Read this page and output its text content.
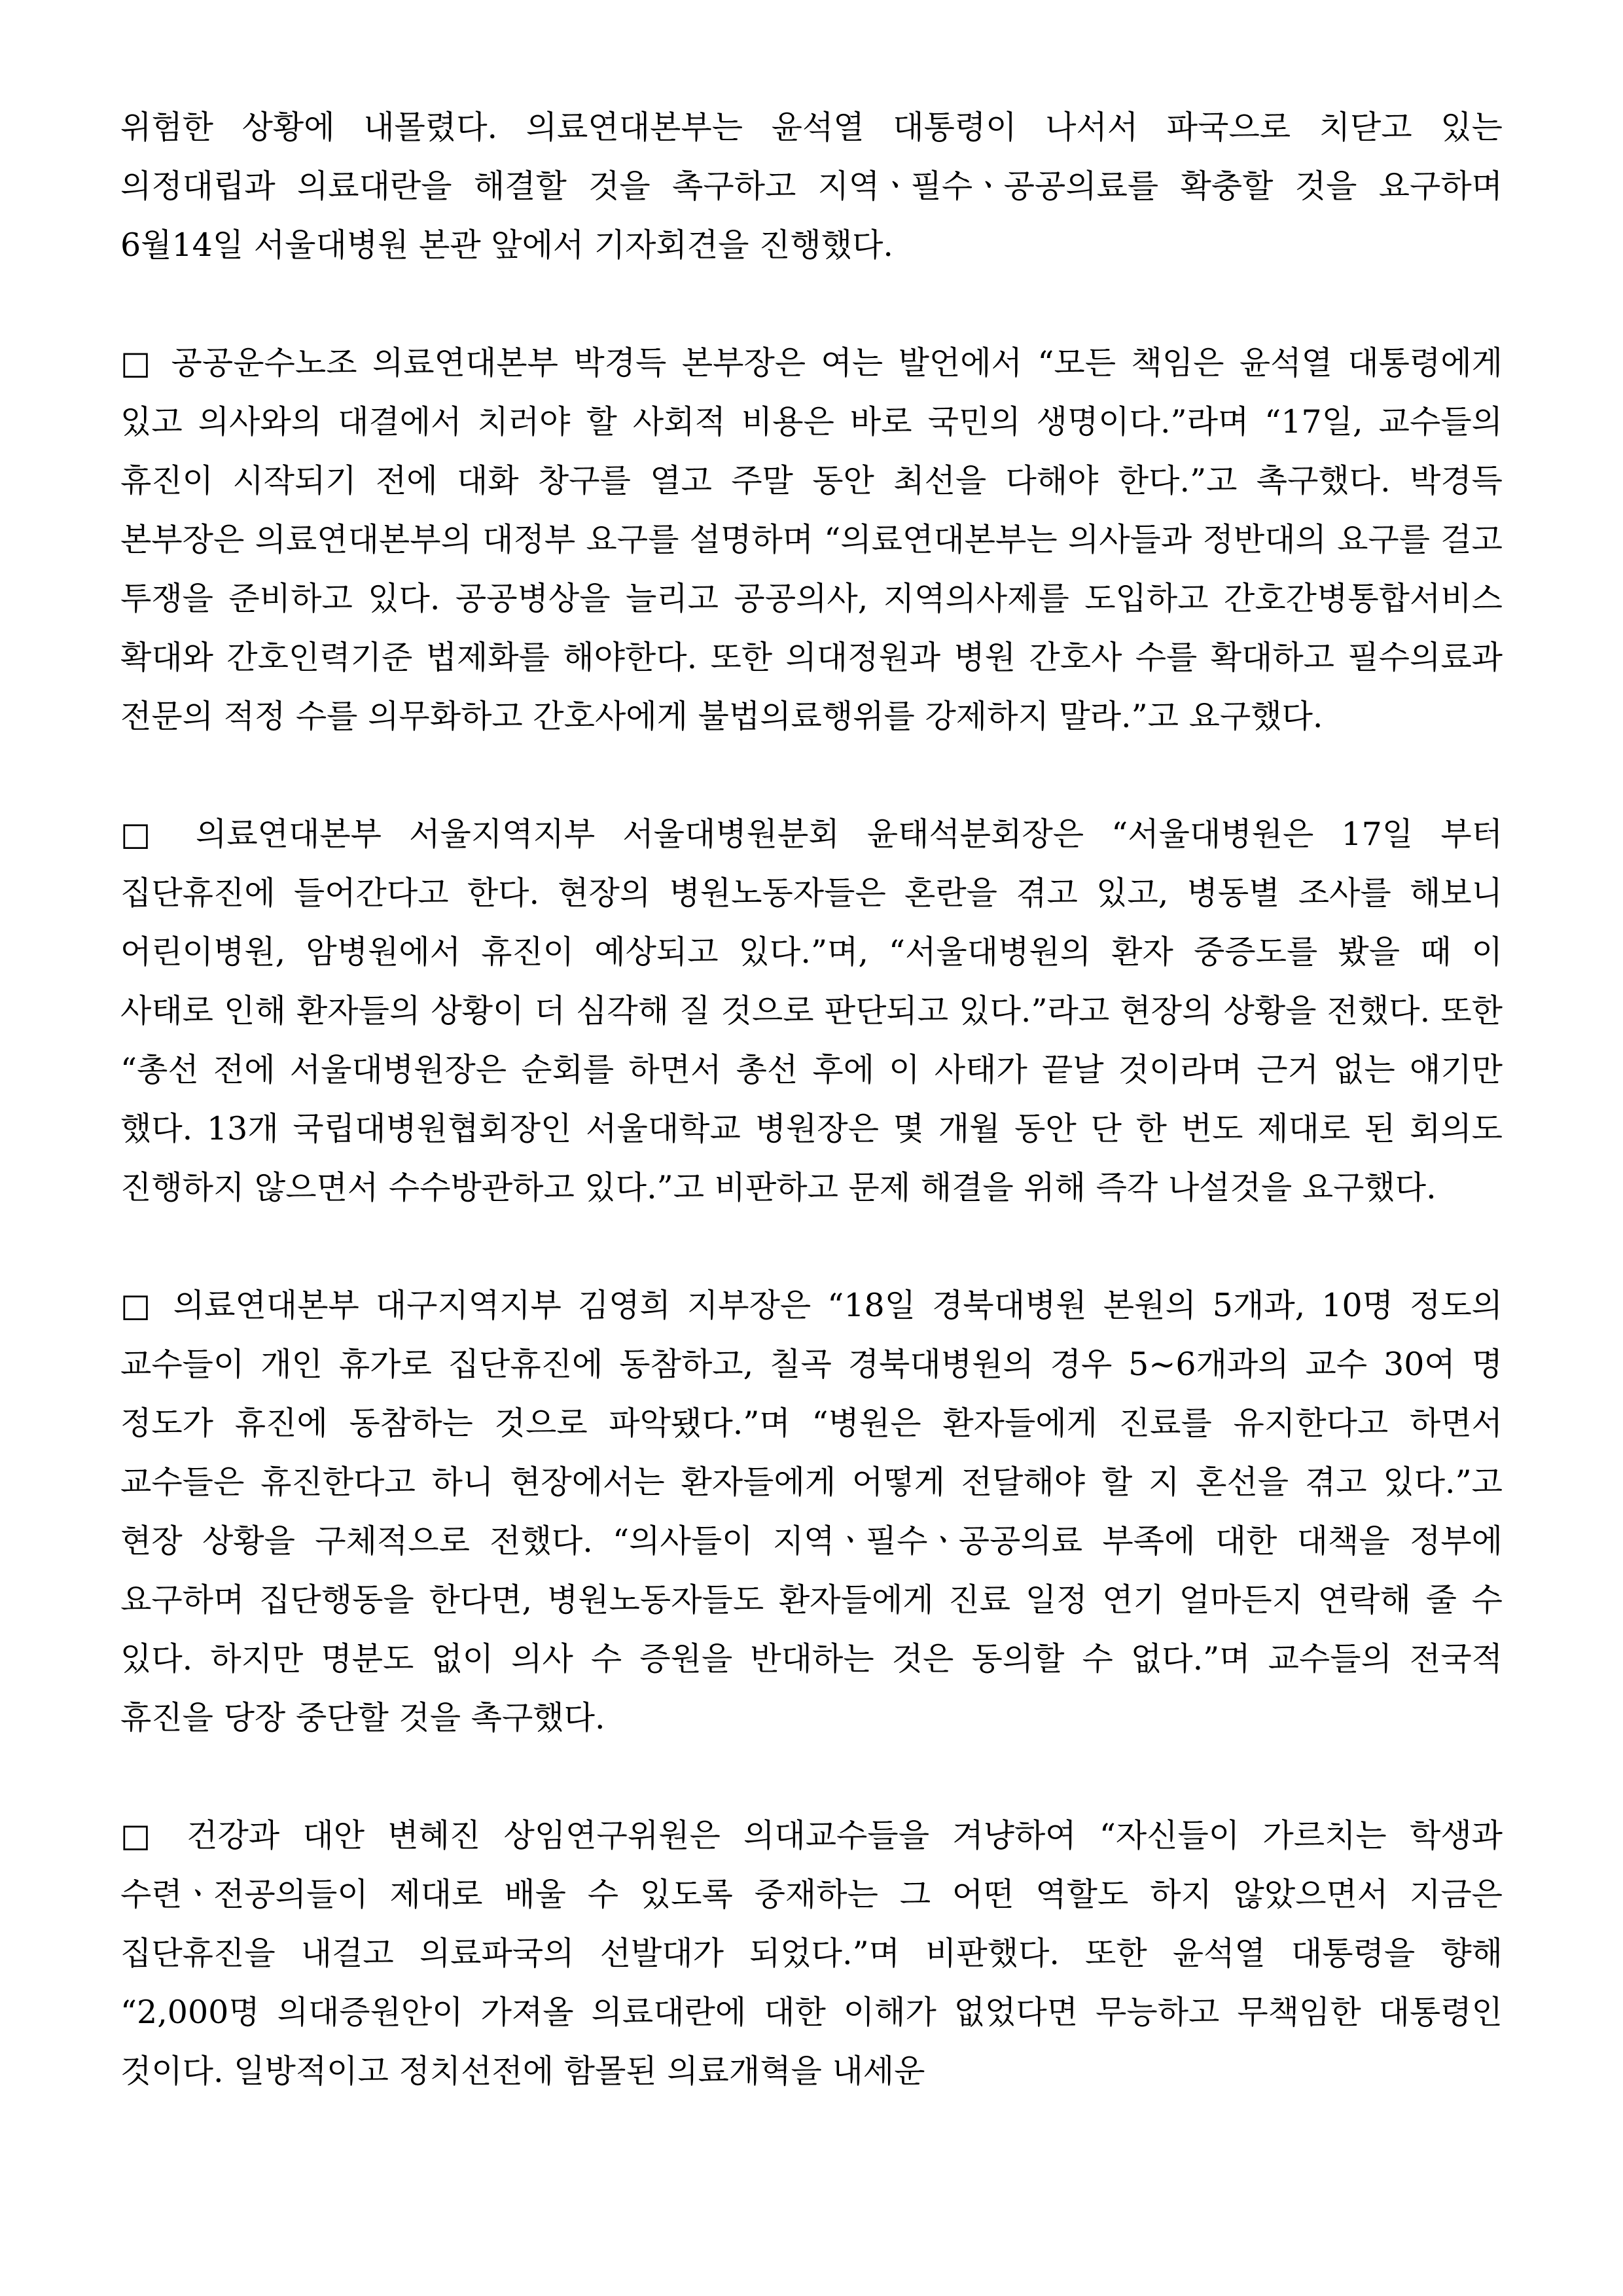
위험한 상황에 내몰렸다. 의료연대본부는 윤석열 대통령이 나서서 파국으로 치닫고 있는 의정대립과 의료대란을 해결할 것을 촉구하고 지역ㆍ필수ㆍ공공의료를 확충할 것을 요구하며 6월14일 서울대병원 본관 앞에서 기자회견을 진행했다.

□ 공공운수노조 의료연대본부 박경득 본부장은 여는 발언에서 “모든 책임은 윤석열 대통령에게 있고 의사와의 대결에서 치러야 할 사회적 비용은 바로 국민의 생명이다.”라며 “17일, 교수들의 휴진이 시작되기 전에 대화 창구를 열고 주말 동안 최선을 다해야 한다.”고 촉구했다. 박경득 본부장은 의료연대본부의 대정부 요구를 설명하며 “의료연대본부는 의사들과 정반대의 요구를 걸고 투쟁을 준비하고 있다. 공공병상을 늘리고 공공의사, 지역의사제를 도입하고 간호간병통합서비스 확대와 간호인력기준 법제화를 해야한다. 또한 의대정원과 병원 간호사 수를 확대하고 필수의료과 전문의 적정 수를 의무화하고 간호사에게 불법의료행위를 강제하지 말라.”고 요구했다.

□ 의료연대본부 서울지역지부 서울대병원분회 윤태석분회장은 “서울대병원은 17일 부터 집단휴진에 들어간다고 한다. 현장의 병원노동자들은 혼란을 겪고 있고, 병동별 조사를 해보니 어린이병원, 암병원에서 휴진이 예상되고 있다.”며, “서울대병원의 환자 중증도를 봤을 때 이 사태로 인해 환자들의 상황이 더 심각해 질 것으로 판단되고 있다.”라고 현장의 상황을 전했다. 또한 “총선 전에 서울대병원장은 순회를 하면서 총선 후에 이 사태가 끝날 것이라며 근거 없는 얘기만 했다. 13개 국립대병원협회장인 서울대학교 병원장은 몇 개월 동안 단 한 번도 제대로 된 회의도 진행하지 않으면서 수수방관하고 있다.”고 비판하고 문제 해결을 위해 즉각 나설것을 요구했다.

□ 의료연대본부 대구지역지부 김영희 지부장은 “18일 경북대병원 본원의 5개과, 10명 정도의 교수들이 개인 휴가로 집단휴진에 동참하고, 칠곡 경북대병원의 경우 5~6개과의 교수 30여 명 정도가 휴진에 동참하는 것으로 파악됐다.”며 “병원은 환자들에게 진료를 유지한다고 하면서 교수들은 휴진한다고 하니 현장에서는 환자들에게 어떻게 전달해야 할 지 혼선을 겪고 있다.”고 현장 상황을 구체적으로 전했다. “의사들이 지역ㆍ필수ㆍ공공의료 부족에 대한 대책을 정부에 요구하며 집단행동을 한다면, 병원노동자들도 환자들에게 진료 일정 연기 얼마든지 연락해 줄 수 있다. 하지만 명분도 없이 의사 수 증원을 반대하는 것은 동의할 수 없다.”며 교수들의 전국적 휴진을 당장 중단할 것을 촉구했다.

□ 건강과 대안 변혜진 상임연구위원은 의대교수들을 겨냥하여 “자신들이 가르치는 학생과 수련ㆍ전공의들이 제대로 배울 수 있도록 중재하는 그 어떤 역할도 하지 않았으면서 지금은 집단휴진을 내걸고 의료파국의 선발대가 되었다.”며 비판했다. 또한 윤석열 대통령을 향해 “2,000명 의대증원안이 가져올 의료대란에 대한 이해가 없었다면 무능하고 무책임한 대통령인 것이다. 일방적이고 정치선전에 함몰된 의료개혁을 내세운
